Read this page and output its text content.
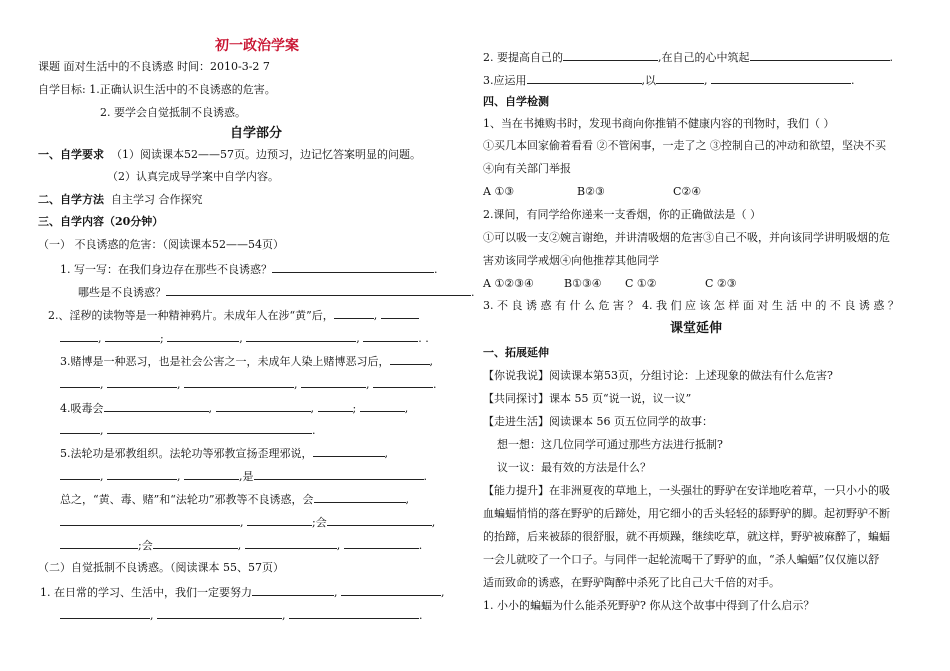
初一政治学案
课题 面对生活中的不良诱惑 时间：2010-3-2 7
自学目标: 1.正确认识生活中的不良诱惑的危害。
2. 要学会自觉抵制不良诱惑。
自学部分
一、自学要求 （1）阅读课本52——57页。边预习，边记忆答案明显的问题。
（2）认真完成导学案中自学内容。
二、自学方法 自主学习 合作探究
三、自学内容（20分钟）
（一） 不良诱惑的危害：（阅读课本52——54页）
1. 写一写：在我们身边存在那些不良诱惑？	.
哪些是不良诱惑？	.
2.、淫秽的读物等是一种精神鸦片。未成年人在涉“黄”后，	,
,	;	,	,	. .
3.赌博是一种恶习，也是社会公害之一，未成年人染上赌博恶习后，	,
,	,	,	,	.
4.吸毒会	,	,	;	,
,	.
5.法轮功是邪教组织。法轮功等邪教宣扬歪理邪说，	,
,	,	,是	.
总之，“黄、毒、赌”和“法轮功”邪教等不良诱惑，会	,
,	;会	,
;会	,	,	.
（二）自觉抵制不良诱惑。（阅读课本 55、57页）
1. 在日常的学习、生活中，我们一定要努力	,	,
,	,	.
2. 要提高自己的	,在自己的心中筑起	.
3.应运用	,以	,	.
四、自学检测
1、当在书摊购书时，发现书商向你推销不健康内容的刊物时，我们（ ）
①买几本回家偷着看看 ②不管闲事，一走了之 ③控制自己的冲动和欲望，坚决不买
④向有关部门举报
A ①③	B②③	C②④
2.课间，有同学给你递来一支香烟，你的正确做法是（ ）
①可以吸一支②婉言谢绝，并讲清吸烟的危害③自己不吸，并向该同学讲明吸烟的危
害劝该同学戒烟④向他推荐其他同学
A ①②③④	B①③④ C ①②	C ②③
3. 不 良 诱 惑 有 什 么 危 害 ？ 4. 我 们 应 该 怎 样 面 对 生 活 中 的 不 良 诱 惑 ？
课堂延伸
一、拓展延伸
【你说我说】阅读课本第53页，分组讨论：上述现象的做法有什么危害?
【共同探讨】课本 55 页“说一说，议一议”
【走进生活】阅读课本 56 页五位同学的故事：
想一想：这几位同学可通过那些方法进行抵制?
议一议：最有效的方法是什么？
【能力提升】在非洲夏夜的草地上，一头强壮的野驴在安详地吃着草，一只小小的吸
血蝙蝠悄悄的落在野驴的后蹄处，用它细小的舌头轻轻的舔野驴的脚。起初野驴不断
的抬蹄，后来被舔的很舒服，就不再烦躁，继续吃草，就这样，野驴被麻醉了，蝙蝠
一会儿就咬了一个口子。与同伴一起轮流喝干了野驴的血，“杀人蝙蝠”仅仅施以舒
适而致命的诱惑，在野驴陶醉中杀死了比自己大千倍的对手。
1. 小小的蝙蝠为什么能杀死野驴? 你从这个故事中得到了什么启示？
